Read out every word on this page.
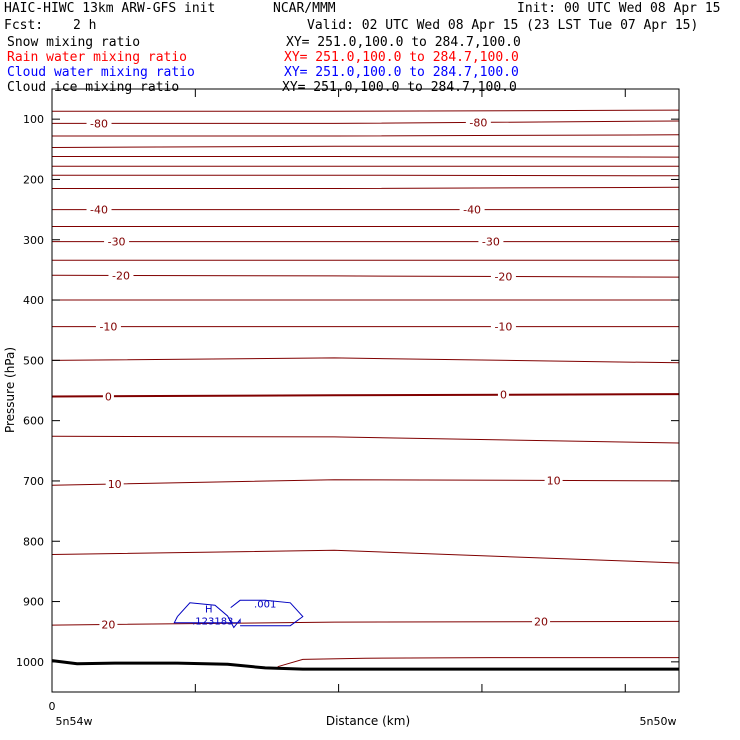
HAIC-HIWC 13km ARW-GFS init	NCAR/MMM	Init: 00 UTC Wed 08 Apr 15
Fcst: 2 h	Valid: 02 UTC Wed 08 Apr 15 (23 LST Tue 07 Apr 15)
Snow mixing ratio	XY= 251.0,100.0 to 284.7,100.0
Rain water mixing ratio	XY= 251.0,100.0 to 284.7,100.0
Cloud water mixing ratio	XY= 251.0,100.0 to 284.7,100.0
Cloud ice mixing ratio	XY= 251.0,100.0 to 284.7,100.0
-80	-80
-40	-40
-30	-30
-20	-20
-10	-10
0	0
10	10
20	20
.001
H
.123183
100
200
300
400
500
600
700
800
900
1000
Pressure (hPa)
Distance (km)
0
5n54w	5n50w
